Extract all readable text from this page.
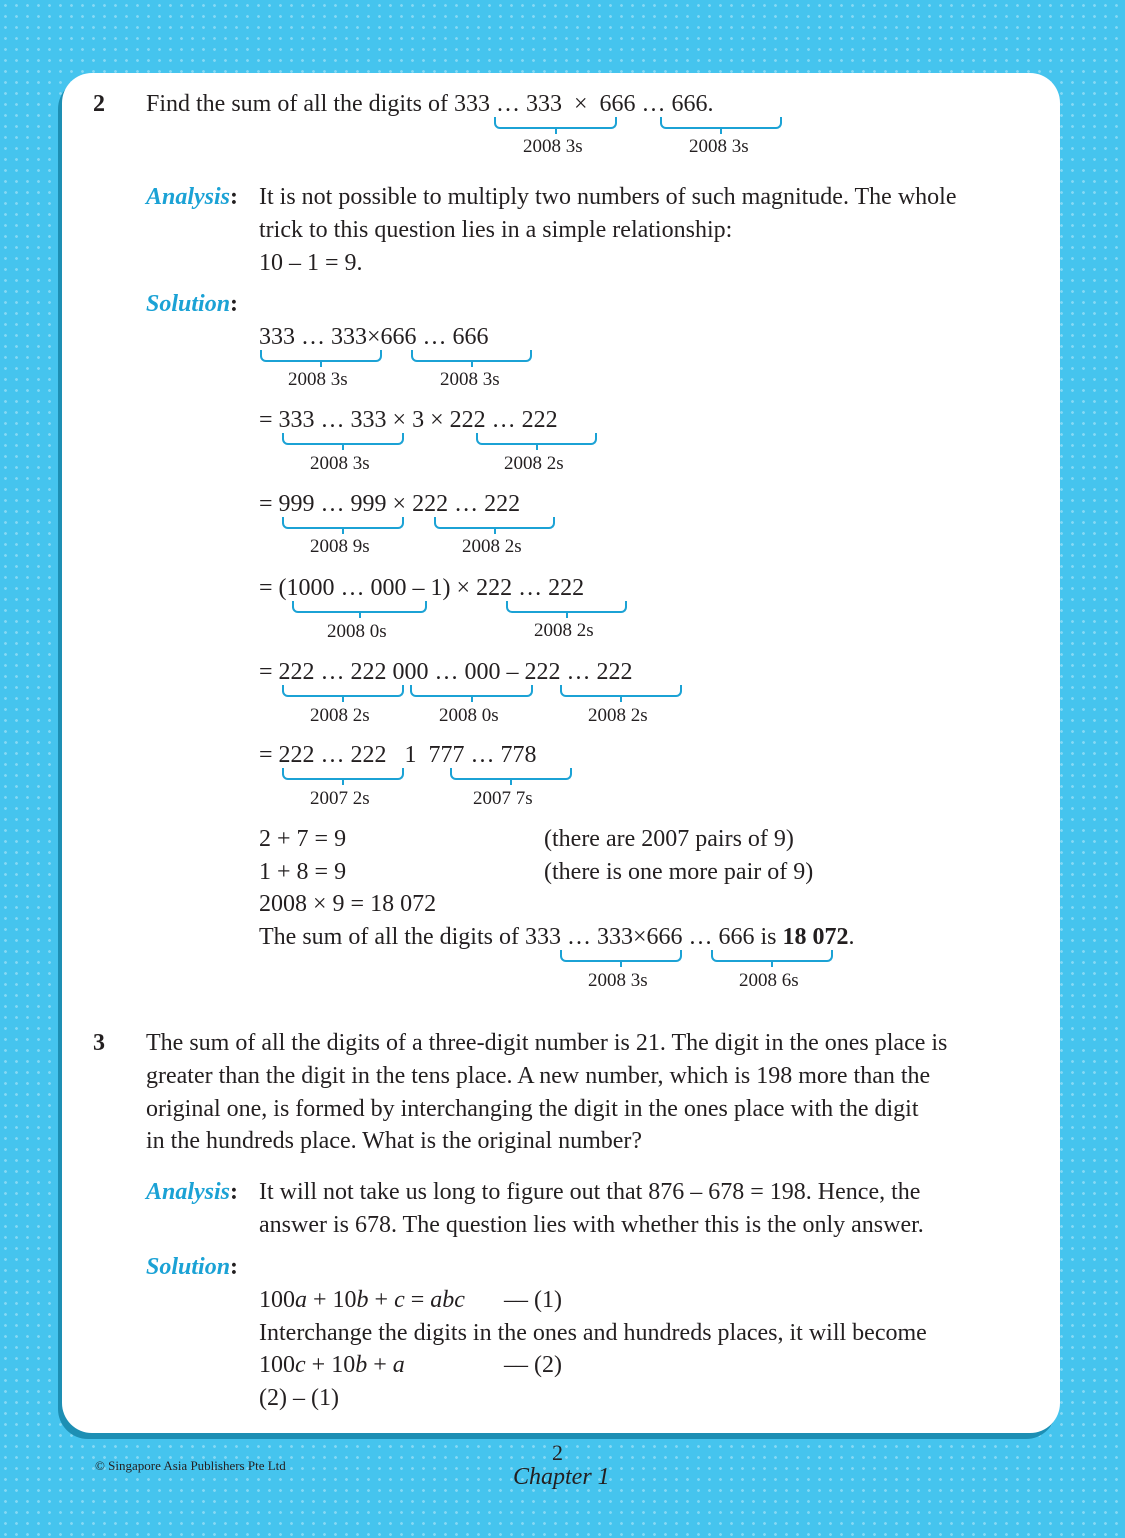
2 Find the sum of all the digits of 333 … 333 × 666 … 666.
2008 3s	2008 3s
Analysis: It is not possible to multiply two numbers of such magnitude. The whole
trick to this question lies in a simple relationship:
10 – 1 = 9.
Solution:
333 … 333×666 … 666
2008 3s	2008 3s
= 333 … 333 × 3 × 222 … 222
2008 3s	2008 2s
= 999 … 999 × 222 … 222
2008 9s	2008 2s
= (1000 … 000 – 1) × 222 … 222
2008 0s	2008 2s
= 222 … 222 000 … 000 – 222 … 222
2008 2s	2008 0s	2008 2s
= 222 … 222 1 777 … 778
2007 2s	2007 7s
2 + 7 = 9	(there are 2007 pairs of 9)
1 + 8 = 9	(there is one more pair of 9)
2008 × 9 = 18 072
The sum of all the digits of 333 … 333×666 … 666 is 18 072.
2008 3s	2008 6s
3 The sum of all the digits of a three-digit number is 21. The digit in the ones place is
greater than the digit in the tens place. A new number, which is 198 more than the
original one, is formed by interchanging the digit in the ones place with the digit
in the hundreds place. What is the original number?
Analysis: It will not take us long to figure out that 876 – 678 = 198. Hence, the
answer is 678. The question lies with whether this is the only answer.
Solution:
100a + 10b + c = abc –– (1)
Interchange the digits in the ones and hundreds places, it will become
100c + 10b + a	–– (2)
(2) – (1)
© Singapore Asia Publishers Pte Ltd
2
Chapter 1
